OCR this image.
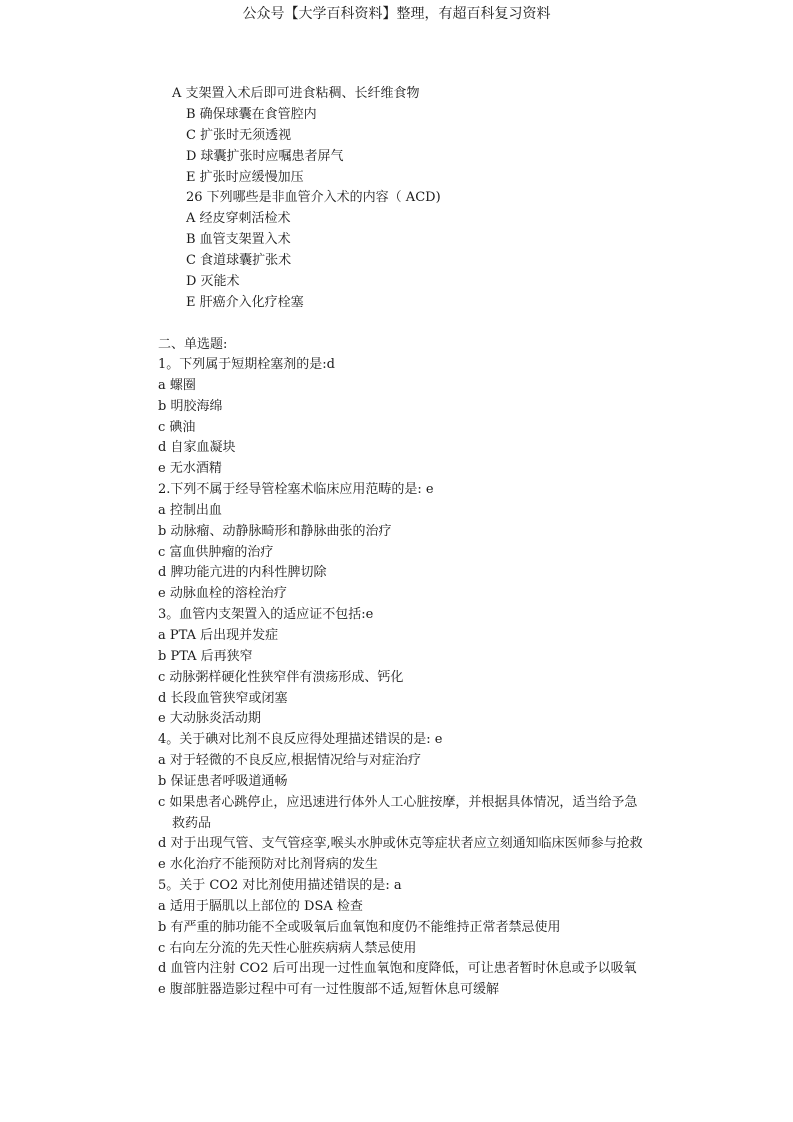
公众号【大学百科资料】整理，有超百科复习资料
A 支架置入术后即可进食粘稠、长纤维食物
B 确保球囊在食管腔内
C 扩张时无须透视
D 球囊扩张时应嘱患者屏气
E 扩张时应缓慢加压
26 下列哪些是非血管介入术的内容（ ACD)
A 经皮穿刺活检术
B 血管支架置入术
C 食道球囊扩张术
D 灭能术
E 肝癌介入化疗栓塞
二、单选题:
1。下列属于短期栓塞剂的是:d
a 螺圈
b 明胶海绵
c 碘油
d 自家血凝块
e 无水酒精
2.下列不属于经导管栓塞术临床应用范畴的是: e
a 控制出血
b 动脉瘤、动静脉畸形和静脉曲张的治疗
c 富血供肿瘤的治疗
d 脾功能亢进的内科性脾切除
e 动脉血栓的溶栓治疗
3。血管内支架置入的适应证不包括:e
a PTA 后出现并发症
b PTA 后再狭窄
c 动脉粥样硬化性狭窄伴有溃疡形成、钙化
d 长段血管狭窄或闭塞
e 大动脉炎活动期
4。关于碘对比剂不良反应得处理描述错误的是: e
a 对于轻微的不良反应,根据情况给与对症治疗
b 保证患者呼吸道通畅
c 如果患者心跳停止，应迅速进行体外人工心脏按摩，并根据具体情况，适当给予急
救药品
d 对于出现气管、支气管痉挛,喉头水肿或休克等症状者应立刻通知临床医师参与抢救
e 水化治疗不能预防对比剂肾病的发生
5。关于 CO2 对比剂使用描述错误的是: a
a 适用于膈肌以上部位的 DSA 检查
b 有严重的肺功能不全或吸氧后血氧饱和度仍不能维持正常者禁忌使用
c 右向左分流的先天性心脏疾病病人禁忌使用
d 血管内注射 CO2 后可出现一过性血氧饱和度降低，可让患者暂时休息或予以吸氧
e 腹部脏器造影过程中可有一过性腹部不适,短暂休息可缓解
